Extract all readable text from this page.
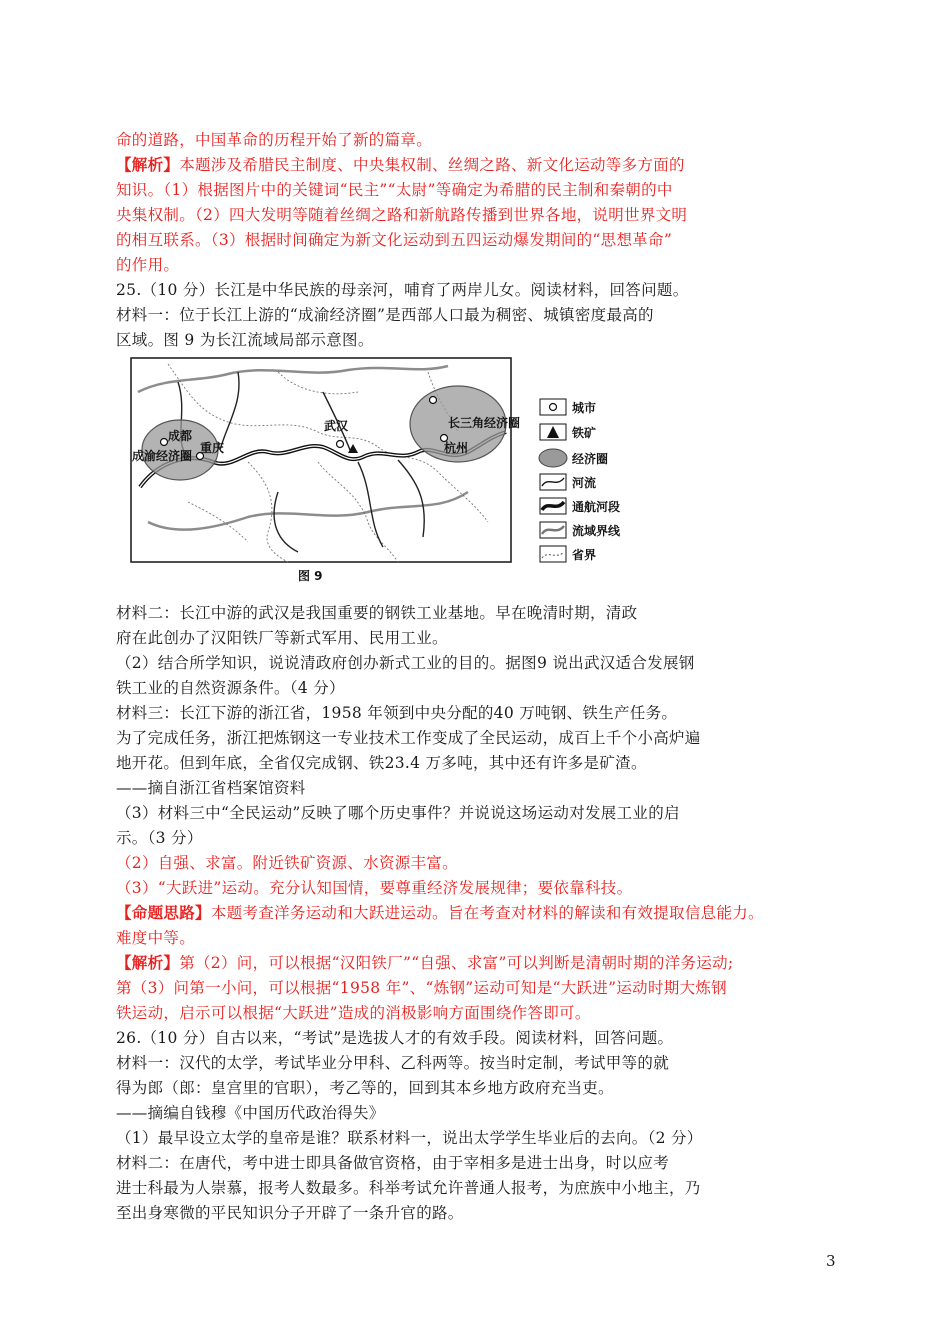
命的道路，中国革命的历程开始了新的篇章。
【解析】本题涉及希腊民主制度、中央集权制、丝绸之路、新文化运动等多方面的
知识。（1）根据图片中的关键词“民主”“太尉”等确定为希腊的民主制和秦朝的中
央集权制。（2）四大发明等随着丝绸之路和新航路传播到世界各地，说明世界文明
的相互联系。（3）根据时间确定为新文化运动到五四运动爆发期间的“思想革命”
的作用。
25.（10 分）长江是中华民族的母亲河，哺育了两岸儿女。阅读材料，回答问题。
材料一：位于长江上游的“成渝经济圈”是西部人口最为稠密、城镇密度最高的
区域。图 9 为长江流域局部示意图。
材料二：长江中游的武汉是我国重要的钢铁工业基地。早在晚清时期，清政
府在此创办了汉阳铁厂等新式军用、民用工业。
（2）结合所学知识，说说清政府创办新式工业的目的。据图9 说出武汉适合发展钢
铁工业的自然资源条件。（4 分）
材料三：长江下游的浙江省，1958 年领到中央分配的40 万吨钢、铁生产任务。
为了完成任务，浙江把炼钢这一专业技术工作变成了全民运动，成百上千个小高炉遍
地开花。但到年底，全省仅完成钢、铁23.4 万多吨，其中还有许多是矿渣。
——摘自浙江省档案馆资料
（3）材料三中“全民运动”反映了哪个历史事件？并说说这场运动对发展工业的启
示。（3 分）
（2）自强、求富。附近铁矿资源、水资源丰富。
（3）“大跃进”运动。充分认知国情，要尊重经济发展规律；要依靠科技。
【命题思路】本题考查洋务运动和大跃进运动。旨在考查对材料的解读和有效提取信息能力。
难度中等。
【解析】第（2）问，可以根据“汉阳铁厂”“自强、求富”可以判断是清朝时期的洋务运动;
第（3）问第一小问，可以根据“1958 年”、“炼钢”运动可知是“大跃进”运动时期大炼钢
铁运动，启示可以根据“大跃进”造成的消极影响方面围绕作答即可。
26.（10 分）自古以来，“考试”是选拔人才的有效手段。阅读材料，回答问题。
材料一：汉代的太学，考试毕业分甲科、乙科两等。按当时定制，考试甲等的就
得为郎（郎：皇宫里的官职），考乙等的，回到其本乡地方政府充当吏。
——摘编自钱穆《中国历代政治得失》
（1）最早设立太学的皇帝是谁？联系材料一，说出太学学生毕业后的去向。（2 分）
材料二：在唐代，考中进士即具备做官资格，由于宰相多是进士出身，时以应考
进士科最为人崇慕，报考人数最多。科举考试允许普通人报考，为庶族中小地主，乃
至出身寒微的平民知识分子开辟了一条升官的路。
成都
重庆
武汉
杭州
成渝经济圈
长三角经济圈
城市
铁矿
经济圈
河流
通航河段
流域界线
省界
图 9
3
